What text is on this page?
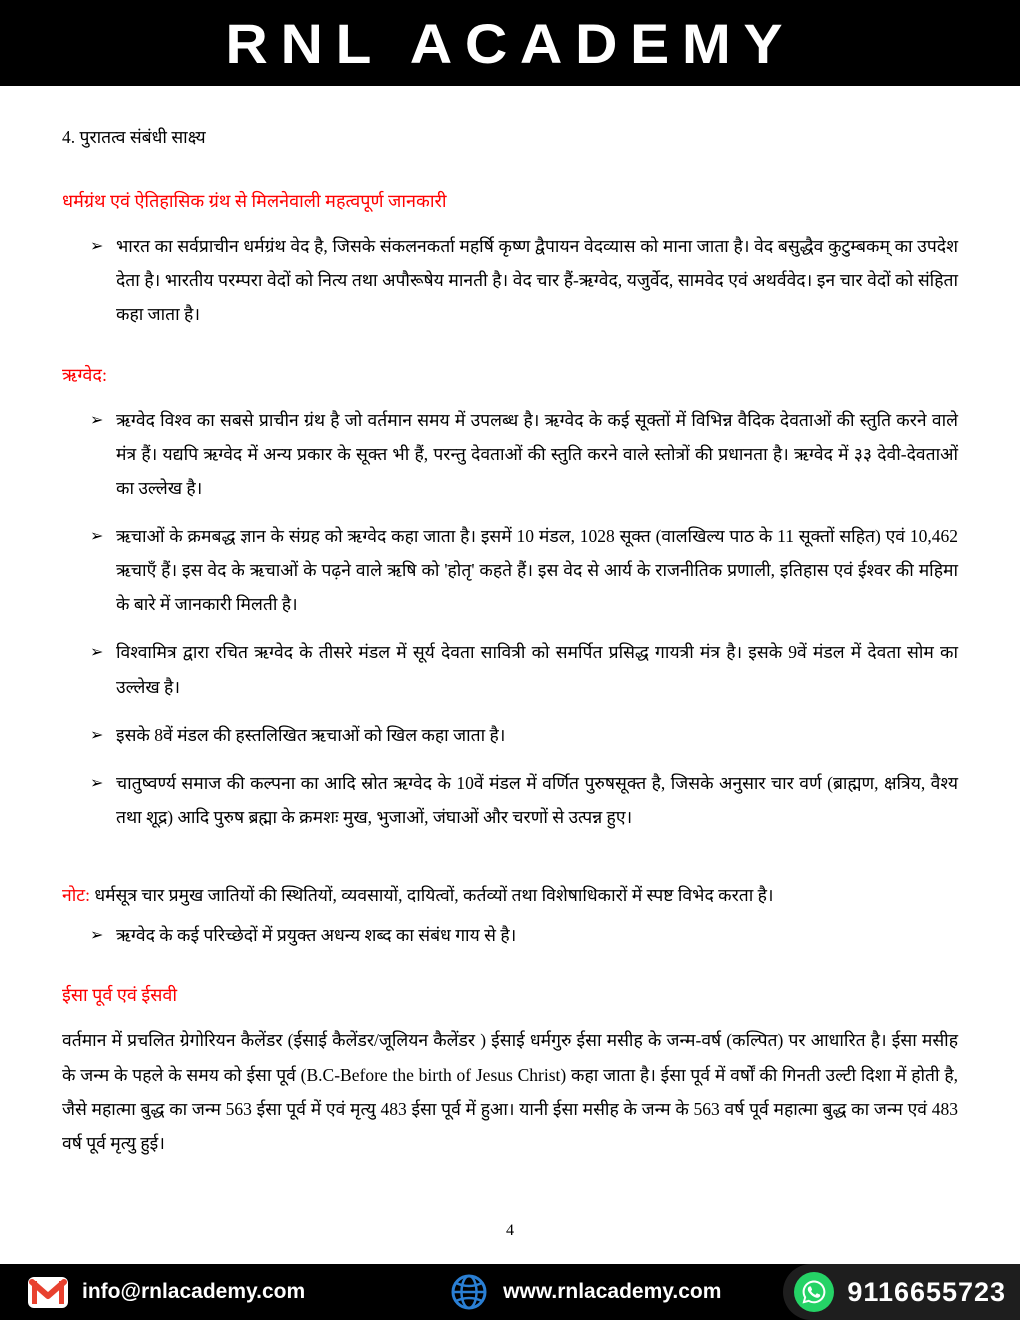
RNL ACADEMY

4. पुरातत्व संबंधी साक्ष्य

धर्मग्रंथ एवं ऐतिहासिक ग्रंथ से मिलनेवाली महत्वपूर्ण जानकारी
➢ भारत का सर्वप्राचीन धर्मग्रंथ वेद है, जिसके संकलनकर्ता महर्षि कृष्ण द्वैपायन वेदव्यास को माना जाता है। वेद बसुद्धैव कुटुम्बकम् का उपदेश देता है। भारतीय परम्परा वेदों को नित्य तथा अपौरूषेय मानती है। वेद चार हैं-ऋग्वेद, यजुर्वेद, सामवेद एवं अथर्ववेद। इन चार वेदों को संहिता कहा जाता है।

ऋग्वेद:
➢ ऋग्वेद विश्व का सबसे प्राचीन ग्रंथ है जो वर्तमान समय में उपलब्ध है। ऋग्वेद के कई सूक्तों में विभिन्न वैदिक देवताओं की स्तुति करने वाले मंत्र हैं। यद्यपि ऋग्वेद में अन्य प्रकार के सूक्त भी हैं, परन्तु देवताओं की स्तुति करने वाले स्तोत्रों की प्रधानता है। ऋग्वेद में ३३ देवी-देवताओं का उल्लेख है।

➢ ऋचाओं के क्रमबद्ध ज्ञान के संग्रह को ऋग्वेद कहा जाता है। इसमें 10 मंडल, 1028 सूक्त (वालखिल्य पाठ के 11 सूक्तों सहित) एवं 10,462 ऋचाएँ हैं। इस वेद के ऋचाओं के पढ़ने वाले ऋषि को 'होतृ' कहते हैं। इस वेद से आर्य के राजनीतिक प्रणाली, इतिहास एवं ईश्वर की महिमा के बारे में जानकारी मिलती है।

➢ विश्वामित्र द्वारा रचित ऋग्वेद के तीसरे मंडल में सूर्य देवता सावित्री को समर्पित प्रसिद्ध गायत्री मंत्र है। इसके 9वें मंडल में देवता सोम का उल्लेख है।

➢ इसके 8वें मंडल की हस्तलिखित ऋचाओं को खिल कहा जाता है।

➢ चातुष्वर्ण्य समाज की कल्पना का आदि स्रोत ऋग्वेद के 10वें मंडल में वर्णित पुरुषसूक्त है, जिसके अनुसार चार वर्ण (ब्राह्मण, क्षत्रिय, वैश्य तथा शूद्र) आदि पुरुष ब्रह्मा के क्रमशः मुख, भुजाओं, जंघाओं और चरणों से उत्पन्न हुए।

नोट: धर्मसूत्र चार प्रमुख जातियों की स्थितियों, व्यवसायों, दायित्वों, कर्तव्यों तथा विशेषाधिकारों में स्पष्ट विभेद करता है।

➢ ऋग्वेद के कई परिच्छेदों में प्रयुक्त अधन्य शब्द का संबंध गाय से है।

ईसा पूर्व एवं ईसवी

वर्तमान में प्रचलित ग्रेगोरियन कैलेंडर (ईसाई कैलेंडर/जूलियन कैलेंडर ) ईसाई धर्मगुरु ईसा मसीह के जन्म-वर्ष (कल्पित) पर आधारित है। ईसा मसीह के जन्म के पहले के समय को ईसा पूर्व (B.C-Before the birth of Jesus Christ) कहा जाता है। ईसा पूर्व में वर्षों की गिनती उल्टी दिशा में होती है, जैसे महात्मा बुद्ध का जन्म 563 ईसा पूर्व में एवं मृत्यु 483 ईसा पूर्व में हुआ। यानी ईसा मसीह के जन्म के 563 वर्ष पूर्व महात्मा बुद्ध का जन्म एवं 483 वर्ष पूर्व मृत्यु हुई।

4
info@rnlacademy.com	www.rnlacademy.com	9116655723
